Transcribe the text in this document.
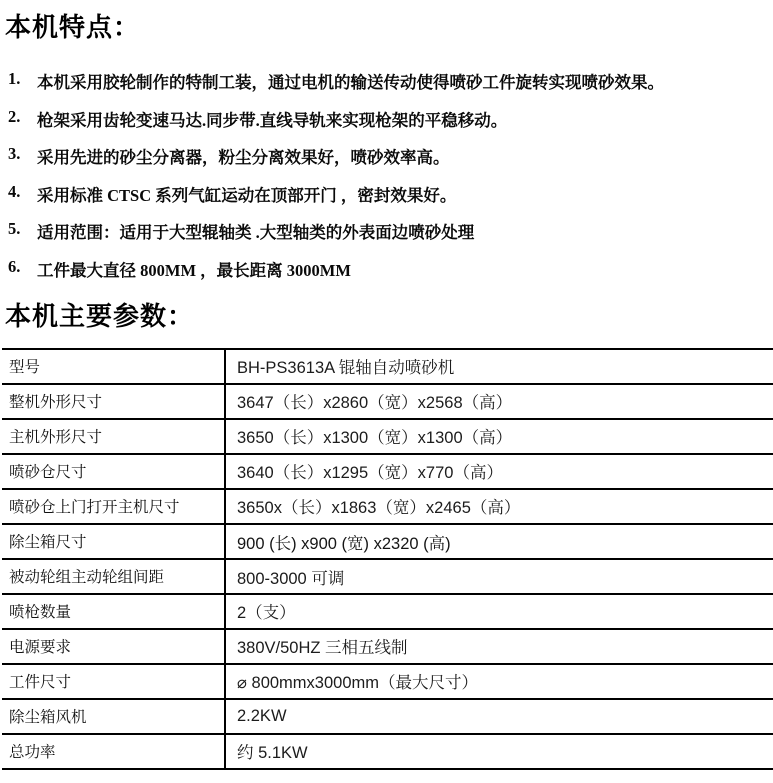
本机特点：
1.	本机采用胶轮制作的特制工装，通过电机的输送传动使得喷砂工件旋转实现喷砂效果。
2.	枪架采用齿轮变速马达.同步带.直线导轨来实现枪架的平稳移动。
3.	采用先进的砂尘分离器，粉尘分离效果好，喷砂效率高。
4.	采用标准 CTSC 系列气缸运动在顶部开门 ，密封效果好。
5.	适用范围：适用于大型辊轴类 .大型轴类的外表面边喷砂处理
6.	工件最大直径 800MM ，最长距离 3000MM
本机主要参数：
型号	BH-PS3613A 锟轴自动喷砂机
整机外形尺寸	3647（长）x2860（宽）x2568（高）
主机外形尺寸	3650（长）x1300（宽）x1300（高）
喷砂仓尺寸	3640（长）x1295（宽）x770（高）
喷砂仓上门打开主机尺寸	3650x（长）x1863（宽）x2465（高）
除尘箱尺寸	900 (长) x900 (宽) x2320 (高)
被动轮组主动轮组间距	800-3000 可调
喷枪数量	2（支）
电源要求	380V/50HZ 三相五线制
工件尺寸	⌀ 800mmx3000mm（最大尺寸）
除尘箱风机	2.2KW
总功率	约 5.1KW
